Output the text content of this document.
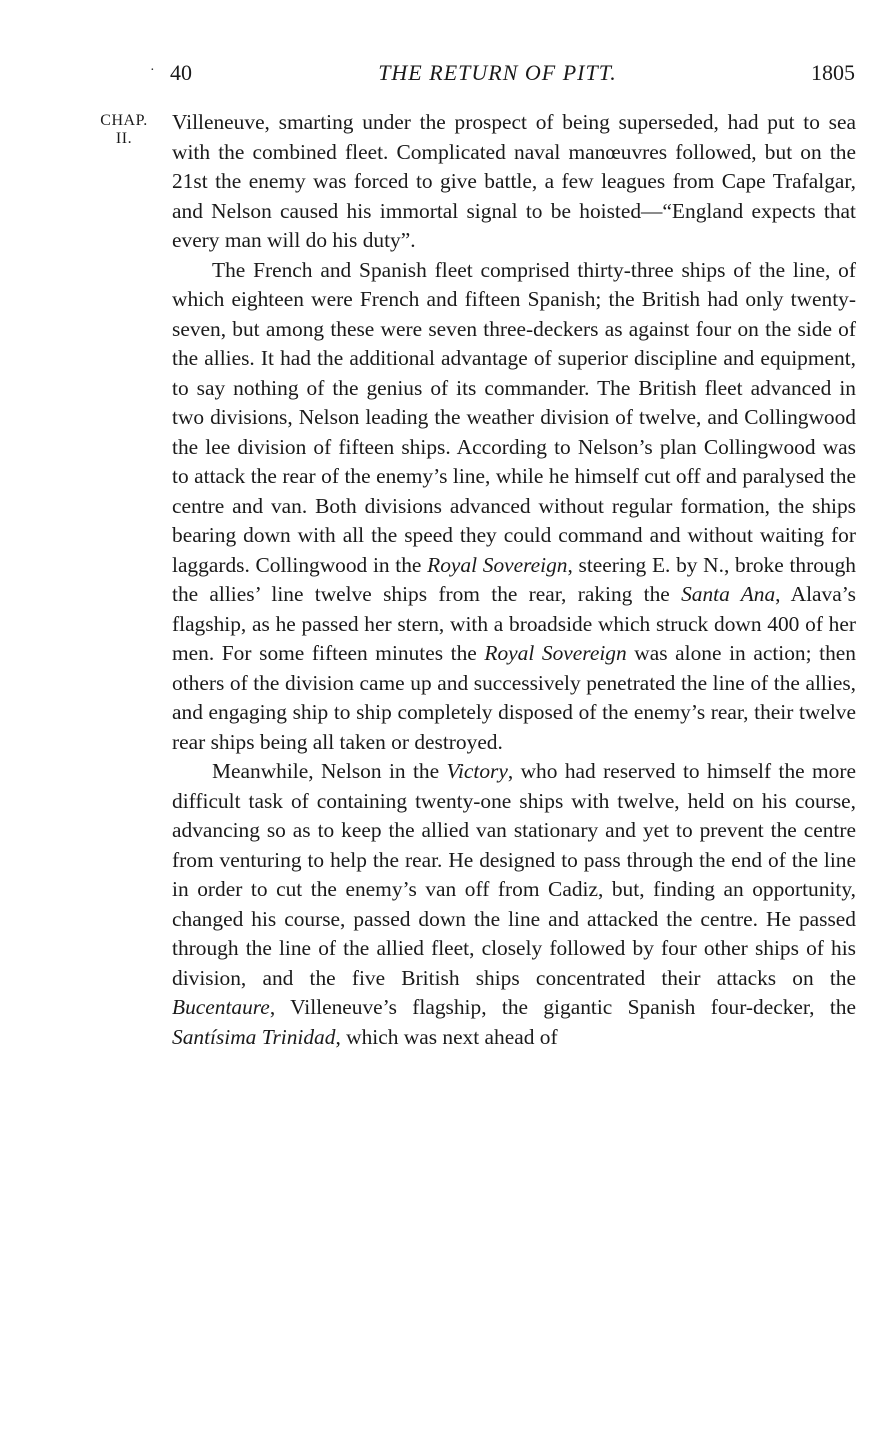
· 40	THE RETURN OF PITT.	1805
CHAP.
II.

Villeneuve, smarting under the prospect of being superseded, had put to sea with the combined fleet. Complicated naval manœuvres followed, but on the 21st the enemy was forced to give battle, a few leagues from Cape Trafalgar, and Nelson caused his immortal signal to be hoisted—“England expects that every man will do his duty”.

The French and Spanish fleet comprised thirty-three ships of the line, of which eighteen were French and fifteen Spanish; the British had only twenty-seven, but among these were seven three-deckers as against four on the side of the allies. It had the additional advantage of superior discipline and equipment, to say nothing of the genius of its commander. The British fleet advanced in two divisions, Nelson leading the weather division of twelve, and Collingwood the lee division of fifteen ships. According to Nelson’s plan Collingwood was to attack the rear of the enemy’s line, while he himself cut off and paralysed the centre and van. Both divisions advanced without regular formation, the ships bearing down with all the speed they could command and without waiting for laggards. Collingwood in the Royal Sovereign, steering E. by N., broke through the allies’ line twelve ships from the rear, raking the Santa Ana, Alava’s flagship, as he passed her stern, with a broadside which struck down 400 of her men. For some fifteen minutes the Royal Sovereign was alone in action; then others of the division came up and successively penetrated the line of the allies, and engaging ship to ship completely disposed of the enemy’s rear, their twelve rear ships being all taken or destroyed.

Meanwhile, Nelson in the Victory, who had reserved to himself the more difficult task of containing twenty-one ships with twelve, held on his course, advancing so as to keep the allied van stationary and yet to prevent the centre from venturing to help the rear. He designed to pass through the end of the line in order to cut the enemy’s van off from Cadiz, but, finding an opportunity, changed his course, passed down the line and attacked the centre. He passed through the line of the allied fleet, closely followed by four other ships of his division, and the five British ships concentrated their attacks on the Bucentaure, Villeneuve’s flagship, the gigantic Spanish four-decker, the Santísima Trinidad, which was next ahead of
